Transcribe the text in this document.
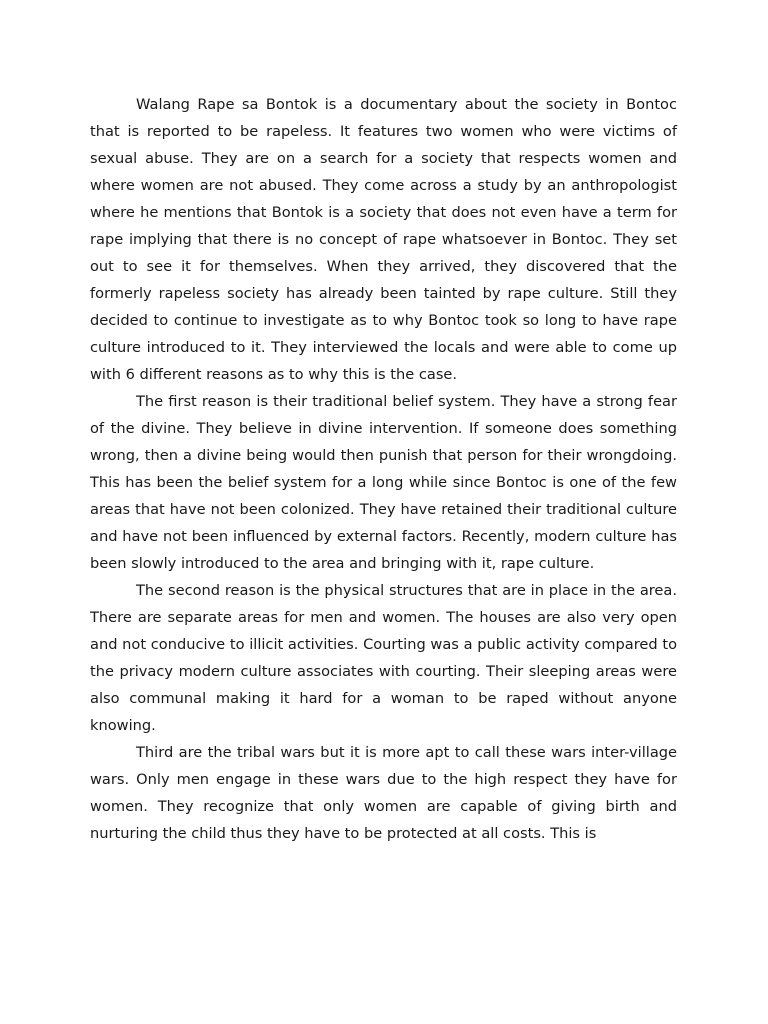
Walang Rape sa Bontok is a documentary about the society in Bontoc that is reported to be rapeless. It features two women who were victims of sexual abuse. They are on a search for a society that respects women and where women are not abused. They come across a study by an anthropologist where he mentions that Bontok is a society that does not even have a term for rape implying that there is no concept of rape whatsoever in Bontoc. They set out to see it for themselves. When they arrived, they discovered that the formerly rapeless society has already been tainted by rape culture. Still they decided to continue to investigate as to why Bontoc took so long to have rape culture introduced to it. They interviewed the locals and were able to come up with 6 different reasons as to why this is the case.

The first reason is their traditional belief system. They have a strong fear of the divine. They believe in divine intervention. If someone does something wrong, then a divine being would then punish that person for their wrongdoing. This has been the belief system for a long while since Bontoc is one of the few areas that have not been colonized. They have retained their traditional culture and have not been influenced by external factors. Recently, modern culture has been slowly introduced to the area and bringing with it, rape culture.

The second reason is the physical structures that are in place in the area. There are separate areas for men and women. The houses are also very open and not conducive to illicit activities. Courting was a public activity compared to the privacy modern culture associates with courting. Their sleeping areas were also communal making it hard for a woman to be raped without anyone knowing.

Third are the tribal wars but it is more apt to call these wars inter-village wars. Only men engage in these wars due to the high respect they have for women. They recognize that only women are capable of giving birth and nurturing the child thus they have to be protected at all costs. This is
